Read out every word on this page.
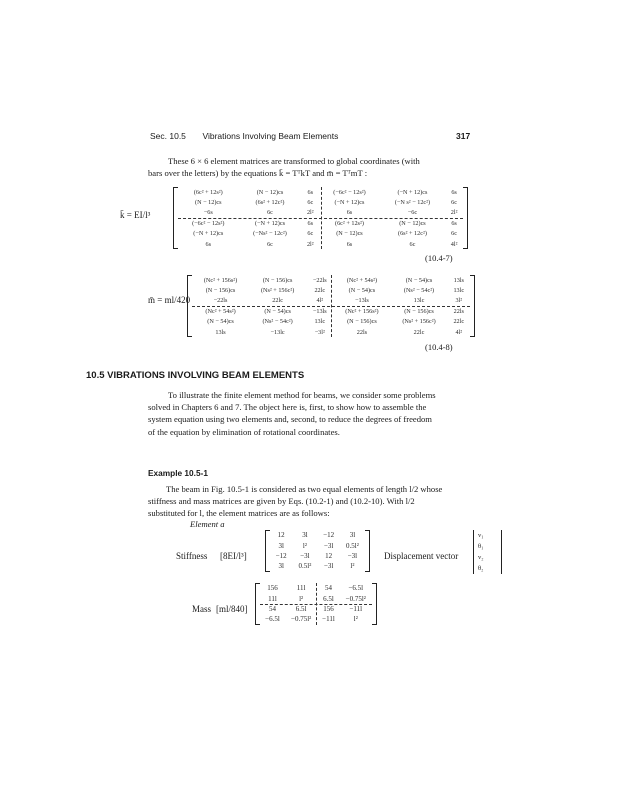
Sec. 10.5 Vibrations Involving Beam Elements	317
These 6 × 6 element matrices are transformed to global coordinates (with
bars over the letters) by the equations k̄ = TᵀkT and m̄ = TᵀmT :
k̄ = EI/l³
(6c² + 12s²)	(N − 12)cs	6s	(−6c² − 12s²)	(−N + 12)cs	6s
(N − 12)cs	(6s² + 12c²)	6c	(−N + 12)cs	(−N s² − 12c²)	6c
−6s	6c	2l²	6s	−6c	2l²
(−6c² − 12s²)	(−N + 12)cs	6s	(6c² + 12s²)	(N − 12)cs	6s
(−N + 12)cs	(−Ns² − 12c²)	6c	(N − 12)cs	(6s² + 12c²)	6c
6s	6c	2l²	6s	6c	4l²
(10.4-7)
m̄ = ml/420
(Nc² + 156s²)	(N − 156)cs	−22ls	(Nc² + 54s²)	(N − 54)cs	13ls
(N − 156)cs	(Ns² + 156c²)	22lc	(N − 54)cs	(Ns² − 54c²)	13lc
−22ls	22lc	4l²	−13ls	13lc	3l²
(Nc² + 54s²)	(N − 54)cs	−13ls	(Nc² + 156s²)	(N − 156)cs	22ls
(N − 54)cs	(Ns² − 54c²)	13lc	(N − 156)cs	(Ns² + 156c²)	22lc
13ls	−13lc	−3l²	22ls	22lc	4l²
(10.4-8)
10.5 VIBRATIONS INVOLVING BEAM ELEMENTS
To illustrate the finite element method for beams, we consider some problems
solved in Chapters 6 and 7. The object here is, first, to show how to assemble the
system equation using two elements and, second, to reduce the degrees of freedom
of the equation by elimination of rotational coordinates.
Example 10.5-1
The beam in Fig. 10.5-1 is considered as two equal elements of length l/2 whose
stiffness and mass matrices are given by Eqs. (10.2-1) and (10.2-10). With l/2
substituted for l, the element matrices are as follows:
Element a
Stiffness [8EI/l³]
12	3l	−12	3l
3l	l²	−3l	0.5l²
−12	−3l	12	−3l
3l	0.5l²	−3l	l²
Displacement vector
v₁
θ₁
v₂
θ₂
Mass [ml/840]
156	11l	54	−6.5l
11l	l²	6.5l	−0.75l²
54	6.5l	156	−11l
−6.5l	−0.75l²	−11l	l²
